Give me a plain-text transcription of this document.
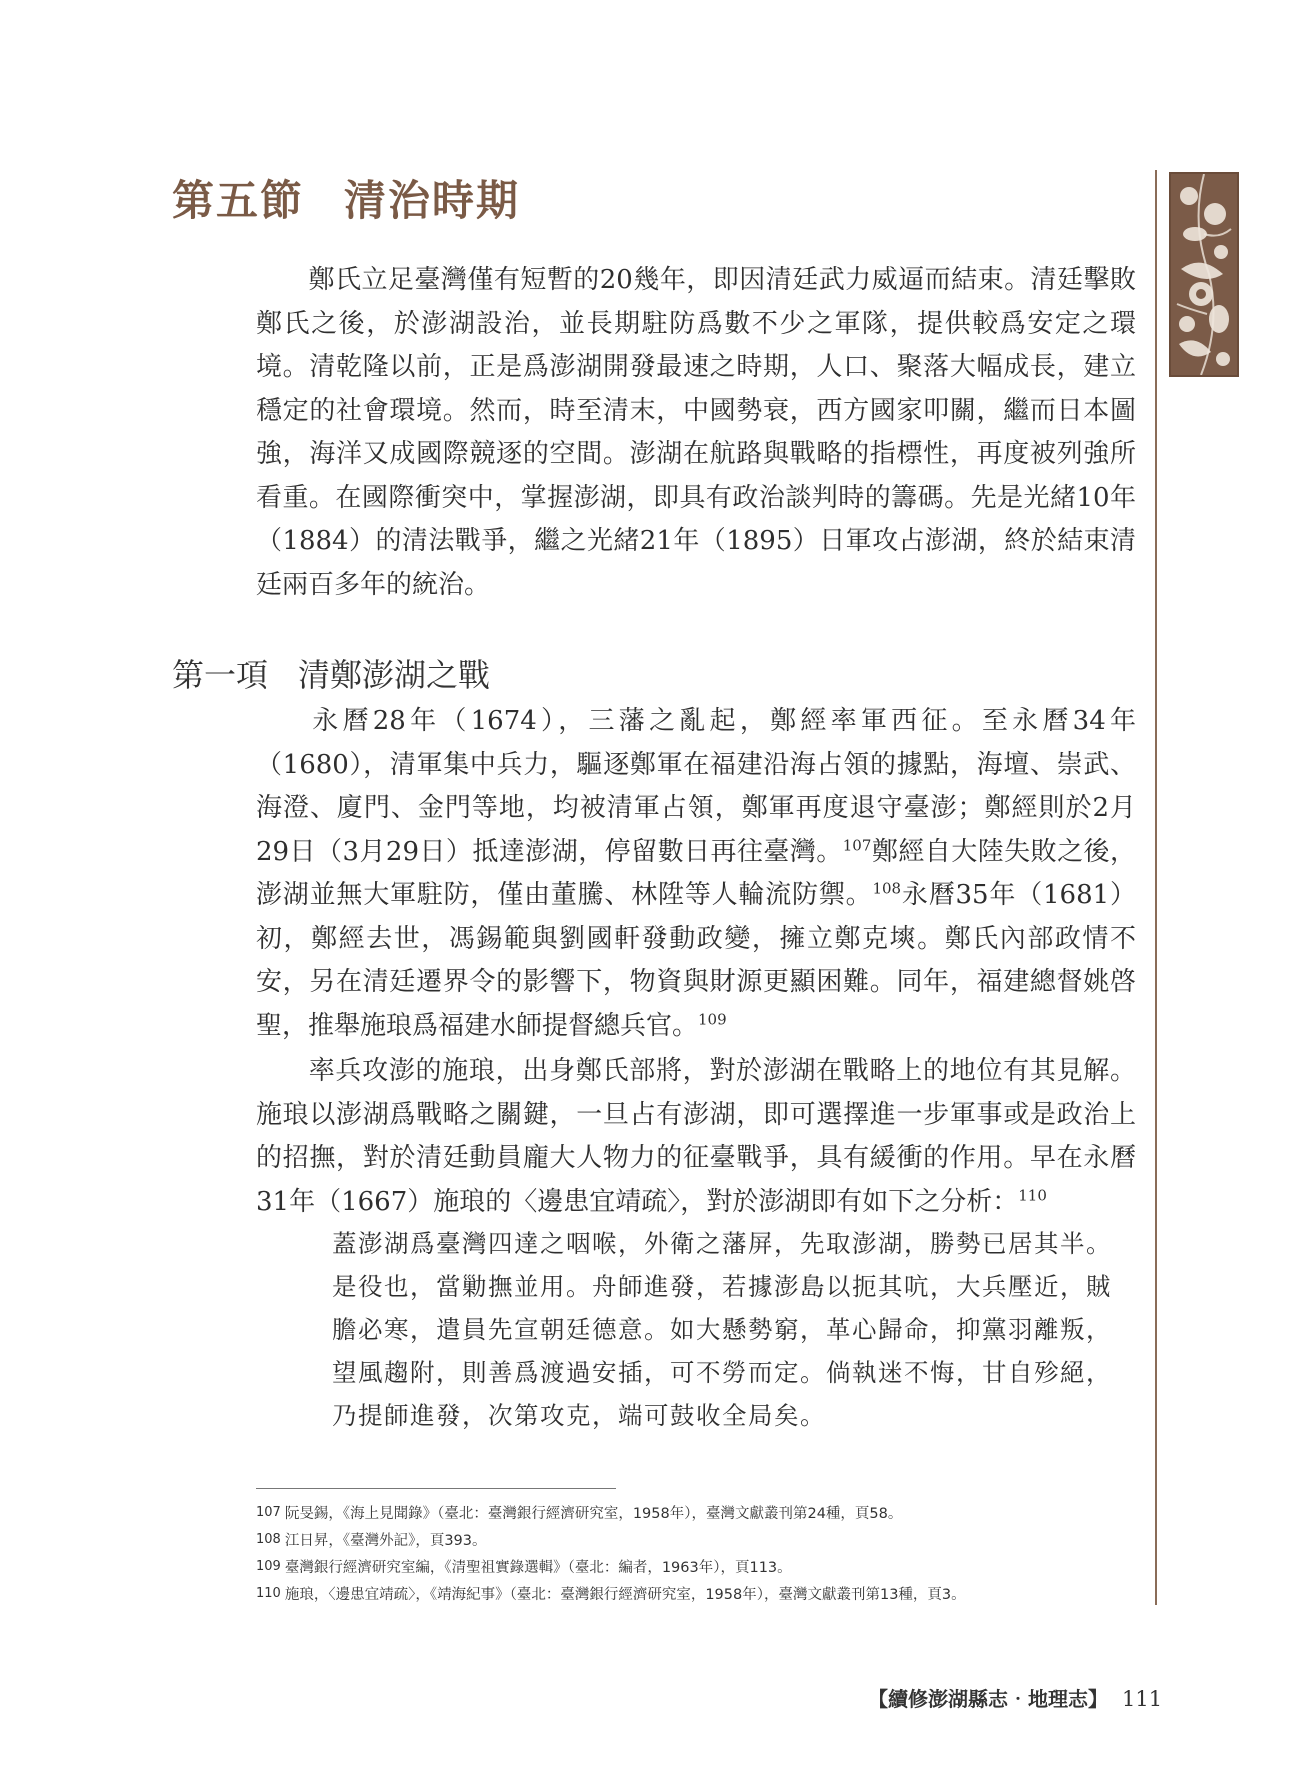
第五節 清治時期

鄭氏立足臺灣僅有短暫的20幾年，即因清廷武力威逼而結束。清廷擊敗鄭氏之後，於澎湖設治，並長期駐防爲數不少之軍隊，提供較爲安定之環境。清乾隆以前，正是爲澎湖開發最速之時期，人口、聚落大幅成長，建立穩定的社會環境。然而，時至清末，中國勢衰，西方國家叩關，繼而日本圖強，海洋又成國際競逐的空間。澎湖在航路與戰略的指標性，再度被列強所看重。在國際衝突中，掌握澎湖，即具有政治談判時的籌碼。先是光緒10年（1884）的清法戰爭，繼之光緒21年（1895）日軍攻占澎湖，終於結束清廷兩百多年的統治。

第一項 清鄭澎湖之戰

永曆28年（1674），三藩之亂起，鄭經率軍西征。至永曆34年（1680），清軍集中兵力，驅逐鄭軍在福建沿海占領的據點，海壇、崇武、海澄、廈門、金門等地，均被清軍占領，鄭軍再度退守臺澎；鄭經則於2月29日（3月29日）抵達澎湖，停留數日再往臺灣。$^{107}$鄭經自大陸失敗之後，澎湖並無大軍駐防，僅由董騰、林陞等人輪流防禦。$^{108}$永曆35年（1681）初，鄭經去世，馮錫範與劉國軒發動政變，擁立鄭克塽。鄭氏內部政情不安，另在清廷遷界令的影響下，物資與財源更顯困難。同年，福建總督姚啓聖，推舉施琅爲福建水師提督總兵官。$^{109}$

率兵攻澎的施琅，出身鄭氏部將，對於澎湖在戰略上的地位有其見解。施琅以澎湖爲戰略之關鍵，一旦占有澎湖，即可選擇進一步軍事或是政治上的招撫，對於清廷動員龐大人物力的征臺戰爭，具有緩衝的作用。早在永曆31年（1667）施琅的〈邊患宜靖疏〉，對於澎湖即有如下之分析：$^{110}$

蓋澎湖爲臺灣四達之咽喉，外衛之藩屏，先取澎湖，勝勢已居其半。
是役也，當勦撫並用。舟師進發，若據澎島以扼其吭，大兵壓近，賊
膽必寒，遣員先宣朝廷德意。如大懸勢窮，革心歸命，抑黨羽離叛，
望風趨附，則善爲渡過安插，可不勞而定。倘執迷不悔，甘自殄絕，
乃提師進發，次第攻克，端可鼓收全局矣。
107 阮旻錫，《海上見聞錄》（臺北：臺灣銀行經濟研究室，1958年），臺灣文獻叢刊第24種，頁58。
108 江日昇，《臺灣外記》，頁393。
109 臺灣銀行經濟研究室編，《清聖祖實錄選輯》（臺北：編者，1963年），頁113。
110 施琅，〈邊患宜靖疏〉，《靖海紀事》（臺北：臺灣銀行經濟研究室，1958年），臺灣文獻叢刊第13種，頁3。
【續修澎湖縣志‧地理志】 111
